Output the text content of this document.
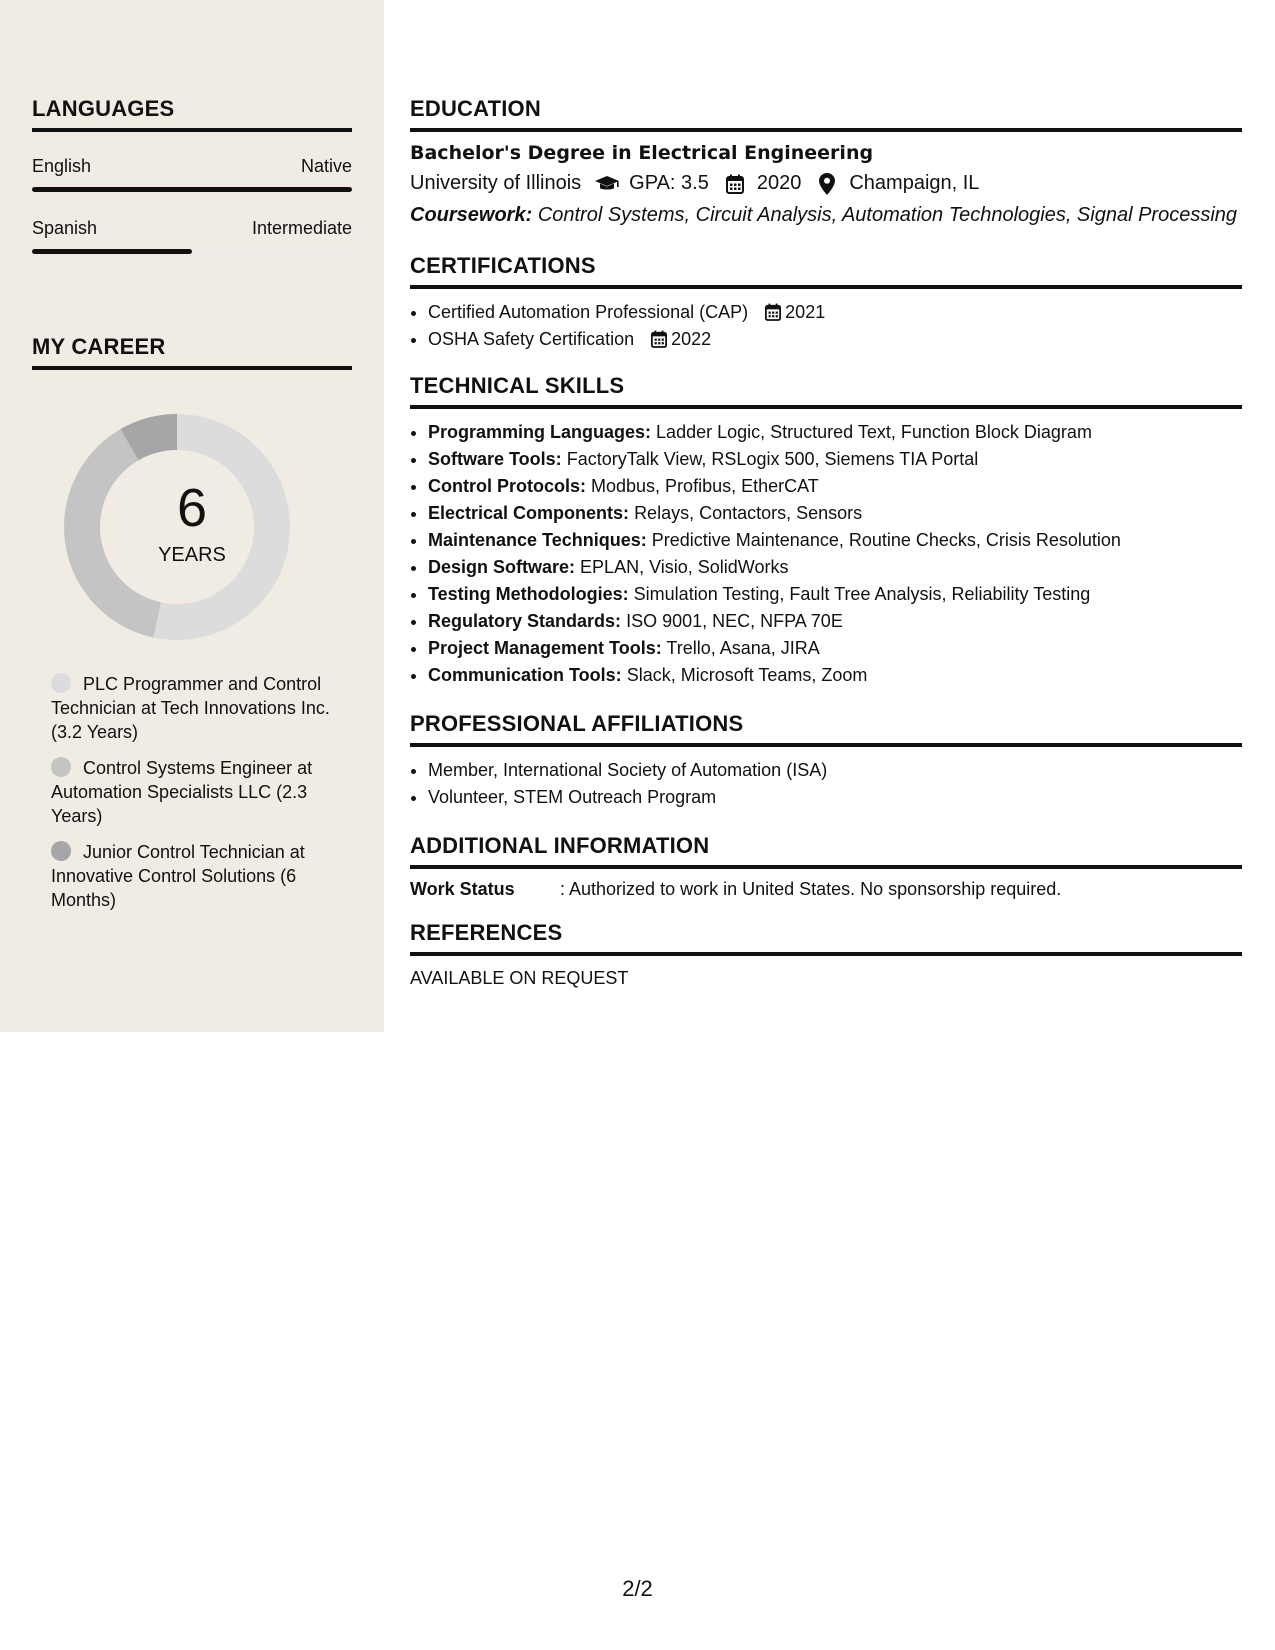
LANGUAGES
English	Native
Spanish	Intermediate
MY CAREER
6
YEARS
PLC Programmer and Control Technician at Tech Innovations Inc. (3.2 Years)
Control Systems Engineer at Automation Specialists LLC (2.3 Years)
Junior Control Technician at Innovative Control Solutions (6 Months)
EDUCATION
Bachelor's Degree in Electrical Engineering
University of Illinois GPA: 3.5 2020 Champaign, IL
Coursework: Control Systems, Circuit Analysis, Automation Technologies, Signal Processing
CERTIFICATIONS
• Certified Automation Professional (CAP) 2021
• OSHA Safety Certification 2022
TECHNICAL SKILLS
• Programming Languages: Ladder Logic, Structured Text, Function Block Diagram
• Software Tools: FactoryTalk View, RSLogix 500, Siemens TIA Portal
• Control Protocols: Modbus, Profibus, EtherCAT
• Electrical Components: Relays, Contactors, Sensors
• Maintenance Techniques: Predictive Maintenance, Routine Checks, Crisis Resolution
• Design Software: EPLAN, Visio, SolidWorks
• Testing Methodologies: Simulation Testing, Fault Tree Analysis, Reliability Testing
• Regulatory Standards: ISO 9001, NEC, NFPA 70E
• Project Management Tools: Trello, Asana, JIRA
• Communication Tools: Slack, Microsoft Teams, Zoom
PROFESSIONAL AFFILIATIONS
• Member, International Society of Automation (ISA)
• Volunteer, STEM Outreach Program
ADDITIONAL INFORMATION
Work Status	: Authorized to work in United States. No sponsorship required.
REFERENCES
AVAILABLE ON REQUEST
2/2
